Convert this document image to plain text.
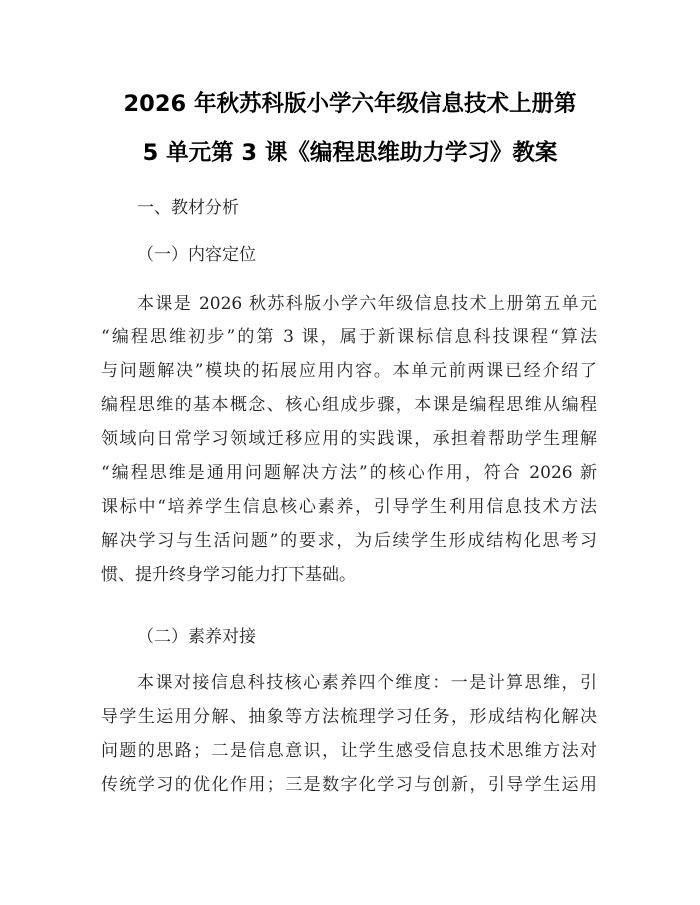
2026 年秋苏科版小学六年级信息技术上册第
5 单元第 3 课《编程思维助力学习》教案
一、教材分析
（一）内容定位
本课是 2026 秋苏科版小学六年级信息技术上册第五单元
“编程思维初步”的第 3 课，属于新课标信息科技课程“算法
与问题解决”模块的拓展应用内容。本单元前两课已经介绍了
编程思维的基本概念、核心组成步骤，本课是编程思维从编程
领域向日常学习领域迁移应用的实践课，承担着帮助学生理解
“编程思维是通用问题解决方法”的核心作用，符合 2026 新
课标中“培养学生信息核心素养，引导学生利用信息技术方法
解决学习与生活问题”的要求，为后续学生形成结构化思考习
惯、提升终身学习能力打下基础。
（二）素养对接
本课对接信息科技核心素养四个维度：一是计算思维，引
导学生运用分解、抽象等方法梳理学习任务，形成结构化解决
问题的思路；二是信息意识，让学生感受信息技术思维方法对
传统学习的优化作用；三是数字化学习与创新，引导学生运用
